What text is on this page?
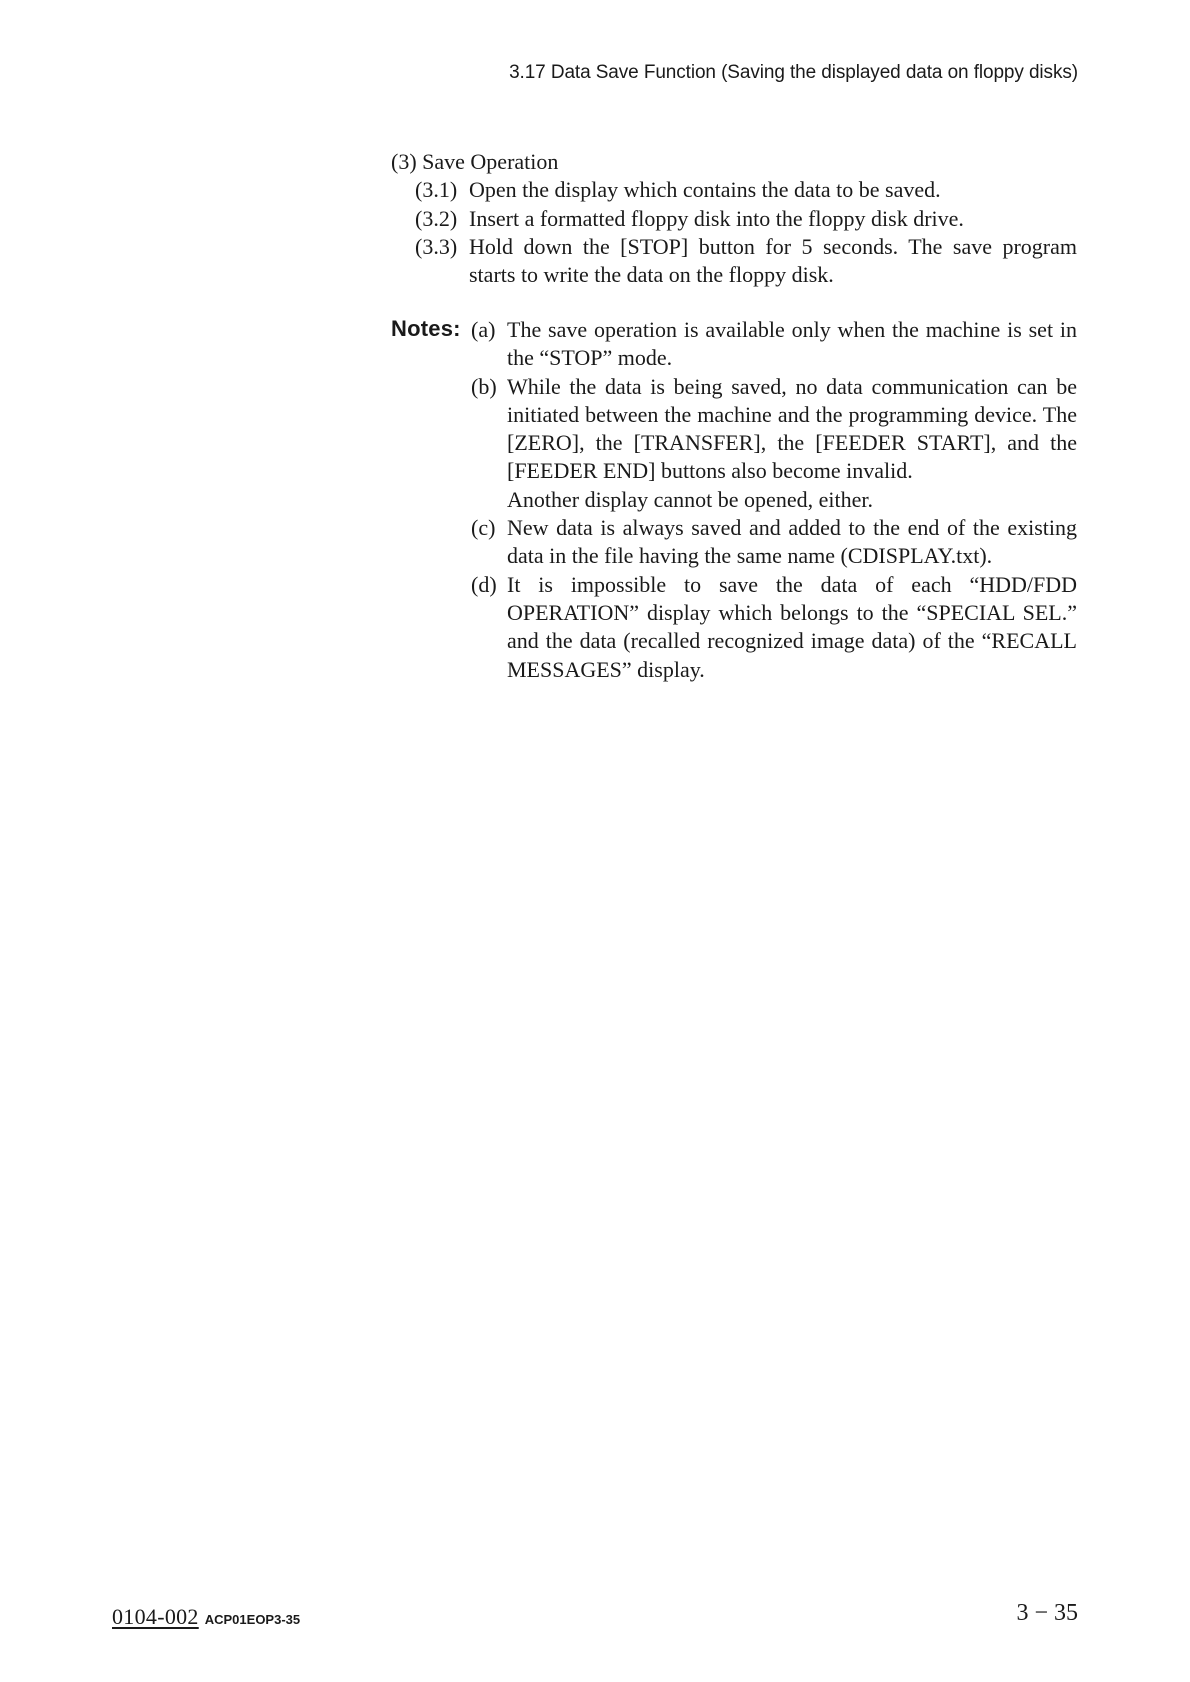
3.17 Data Save Function (Saving the displayed data on floppy disks)

(3) Save Operation

(3.1) Open the display which contains the data to be saved.
(3.2) Insert a formatted floppy disk into the floppy disk drive.
(3.3) Hold down the [STOP] button for 5 seconds. The save program starts to write the data on the floppy disk.
Notes: (a) The save operation is available only when the machine is set in the “STOP” mode.
(b) While the data is being saved, no data communication can be initiated between the machine and the programming device. The [ZERO], the [TRANSFER], the [FEEDER START], and the [FEEDER END] buttons also become invalid.

Another display cannot be opened, either.

(c) New data is always saved and added to the end of the existing data in the file having the same name (CDISPLAY.txt).
(d) It is impossible to save the data of each “HDD/FDD OPERATION” display which belongs to the “SPECIAL SEL.” and the data (recalled recognized image data) of the “RECALL MESSAGES” display.
0104-002 ACP01EOP3-35	3 − 35
